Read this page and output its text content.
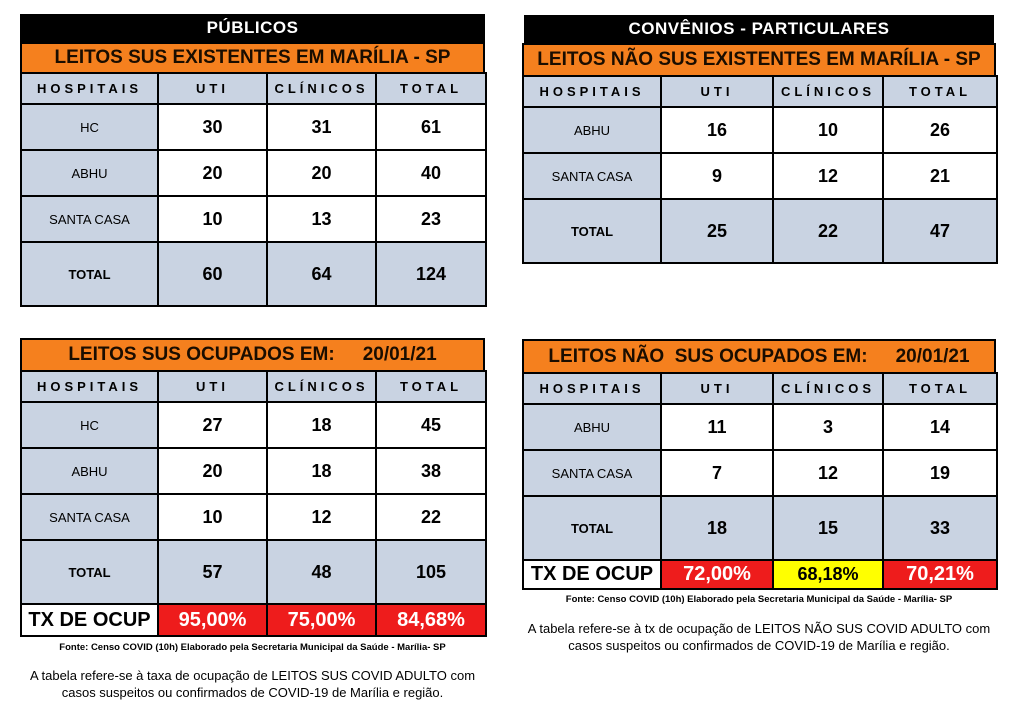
PÚBLICOS
LEITOS SUS EXISTENTES EM MARÍLIA - SP
HOSPITAIS	UTI	CLÍNICOS	TOTAL
HC	30	31	61
ABHU	20	20	40
SANTA CASA	10	13	23
TOTAL	60	64	124
LEITOS SUS OCUPADOS EM: 20/01/21
HOSPITAIS	UTI	CLÍNICOS	TOTAL
HC	27	18	45
ABHU	20	18	38
SANTA CASA	10	12	22
TOTAL	57	48	105
TX DE OCUP	95,00%	75,00%	84,68%
Fonte: Censo COVID (10h) Elaborado pela Secretaria Municipal da Saúde - Marília- SP
A tabela refere-se à taxa de ocupação de LEITOS SUS COVID ADULTO com casos suspeitos ou confirmados de COVID-19 de Marília e região.
CONVÊNIOS - PARTICULARES
LEITOS NÃO SUS EXISTENTES EM MARÍLIA - SP
HOSPITAIS	UTI	CLÍNICOS	TOTAL
ABHU	16	10	26
SANTA CASA	9	12	21
TOTAL	25	22	47
LEITOS NÃO  SUS OCUPADOS EM: 20/01/21
HOSPITAIS	UTI	CLÍNICOS	TOTAL
ABHU	11	3	14
SANTA CASA	7	12	19
TOTAL	18	15	33
TX DE OCUP	72,00%	68,18%	70,21%
Fonte: Censo COVID (10h) Elaborado pela Secretaria Municipal da Saúde - Marília- SP
A tabela refere-se à tx de ocupação de LEITOS NÃO SUS COVID ADULTO com casos suspeitos ou confirmados de COVID-19 de Marília e região.
